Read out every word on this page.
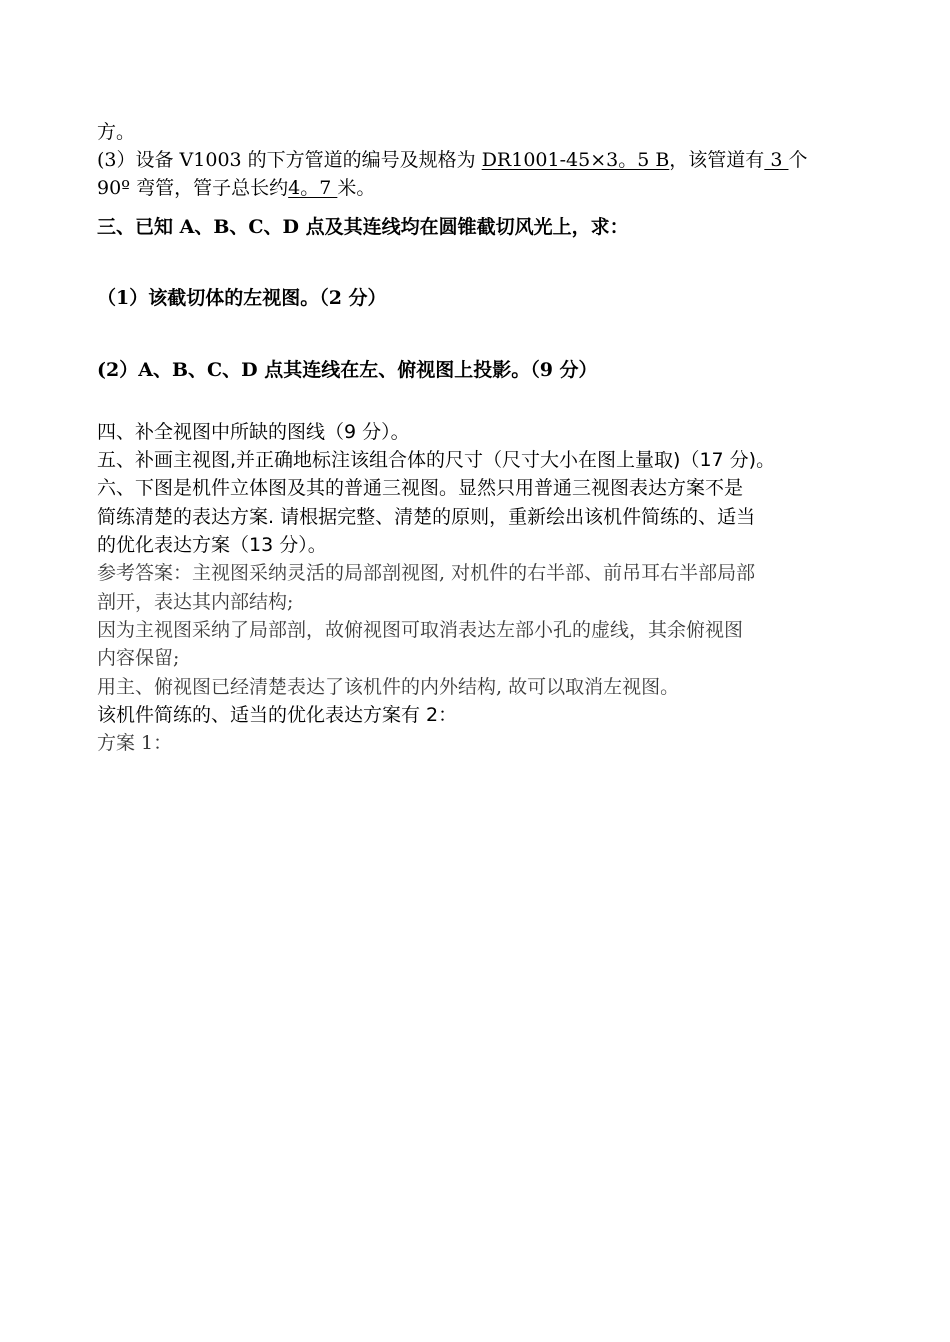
方。
(3）设备 V1003 的下方管道的编号及规格为 DR1001-45×3。5 B，该管道有 3 个
90º 弯管，管子总长约4。7 米。
三、已知 A、B、C、D 点及其连线均在圆锥截切风光上，求：
（1）该截切体的左视图。（2 分）
(2）A、B、C、D 点其连线在左、俯视图上投影。（9 分）
四、补全视图中所缺的图线（9 分）。
五、补画主视图,并正确地标注该组合体的尺寸（尺寸大小在图上量取)（17 分)。
六、下图是机件立体图及其的普通三视图。显然只用普通三视图表达方案不是
简练清楚的表达方案. 请根据完整、清楚的原则，重新绘出该机件简练的、适当
的优化表达方案（13 分）。
参考答案：主视图采纳灵活的局部剖视图, 对机件的右半部、前吊耳右半部局部
剖开，表达其内部结构;
因为主视图采纳了局部剖，故俯视图可取消表达左部小孔的虚线，其余俯视图
内容保留;
用主、俯视图已经清楚表达了该机件的内外结构, 故可以取消左视图。
该机件简练的、适当的优化表达方案有 2：
方案 1：
